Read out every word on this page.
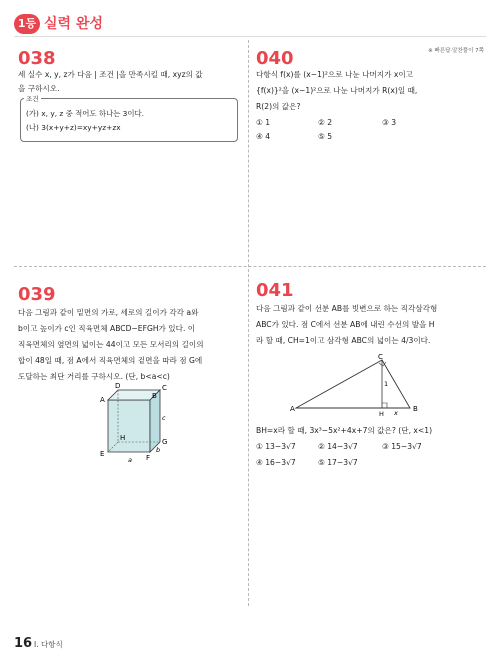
1등급
실력 완성
※ 빠른답·알찬풀이 7쪽
038
세 실수 x, y, z가 다음 | 조건 |을 만족시킬 때, xyz의 값
을 구하시오.
조건
(가) x, y, z 중 적어도 하나는 3이다.
(나) 3(x+y+z)=xy+yz+zx
039
다음 그림과 같이 밑면의 가로, 세로의 길이가 각각 a와
b이고 높이가 c인 직육면체 ABCD−EFGH가 있다. 이
직육면체의 옆면의 넓이는 44이고 모든 모서리의 길이의
합이 48일 때, 점 A에서 직육면체의 겉면을 따라 점 G에
도달하는 최단 거리를 구하시오. (단, b<a<c)
A
D	C
B
H	G
E	F
a
b
c
040
다항식 f(x)를 (x−1)²으로 나눈 나머지가 x이고
{f(x)}²을 (x−1)²으로 나눈 나머지가 R(x)일 때,
R(2)의 값은?
① 1	② 2	③ 3
④ 4	⑤ 5
041
다음 그림과 같이 선분 AB를 빗변으로 하는 직각삼각형
ABC가 있다. 점 C에서 선분 AB에 내린 수선의 발을 H
라 할 때, CH=1이고 삼각형 ABC의 넓이는 4/3이다.
A	B
C
H
1
x
BH=x라 할 때, 3x³−5x²+4x+7의 값은? (단, x<1)
① 13−3√7	② 14−3√7	③ 15−3√7
④ 16−3√7	⑤ 17−3√7
16 I. 다항식
